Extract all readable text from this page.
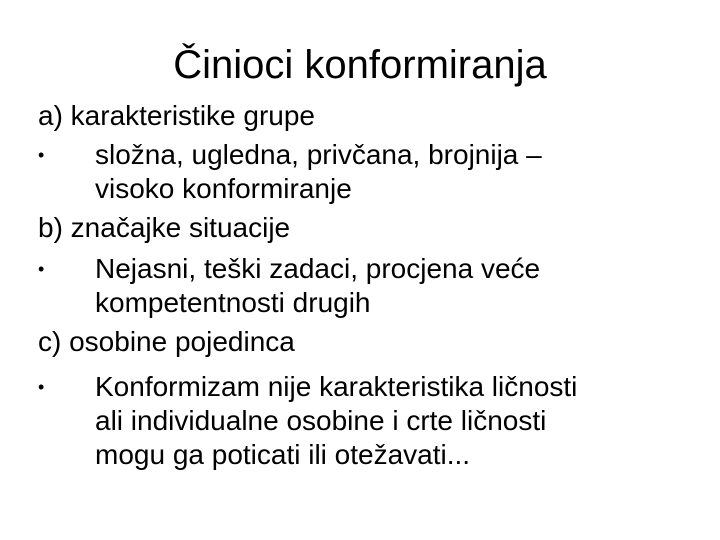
Činioci konformiranja

a) karakteristike grupe

• složna, ugledna, privčana, brojnija –
visoko konformiranje

b) značajke situacije

• Nejasni, teški zadaci, procjena veće
kompetentnosti drugih

c) osobine pojedinca

• Konformizam nije karakteristika ličnosti
ali individualne osobine i crte ličnosti
mogu ga poticati ili otežavati...
